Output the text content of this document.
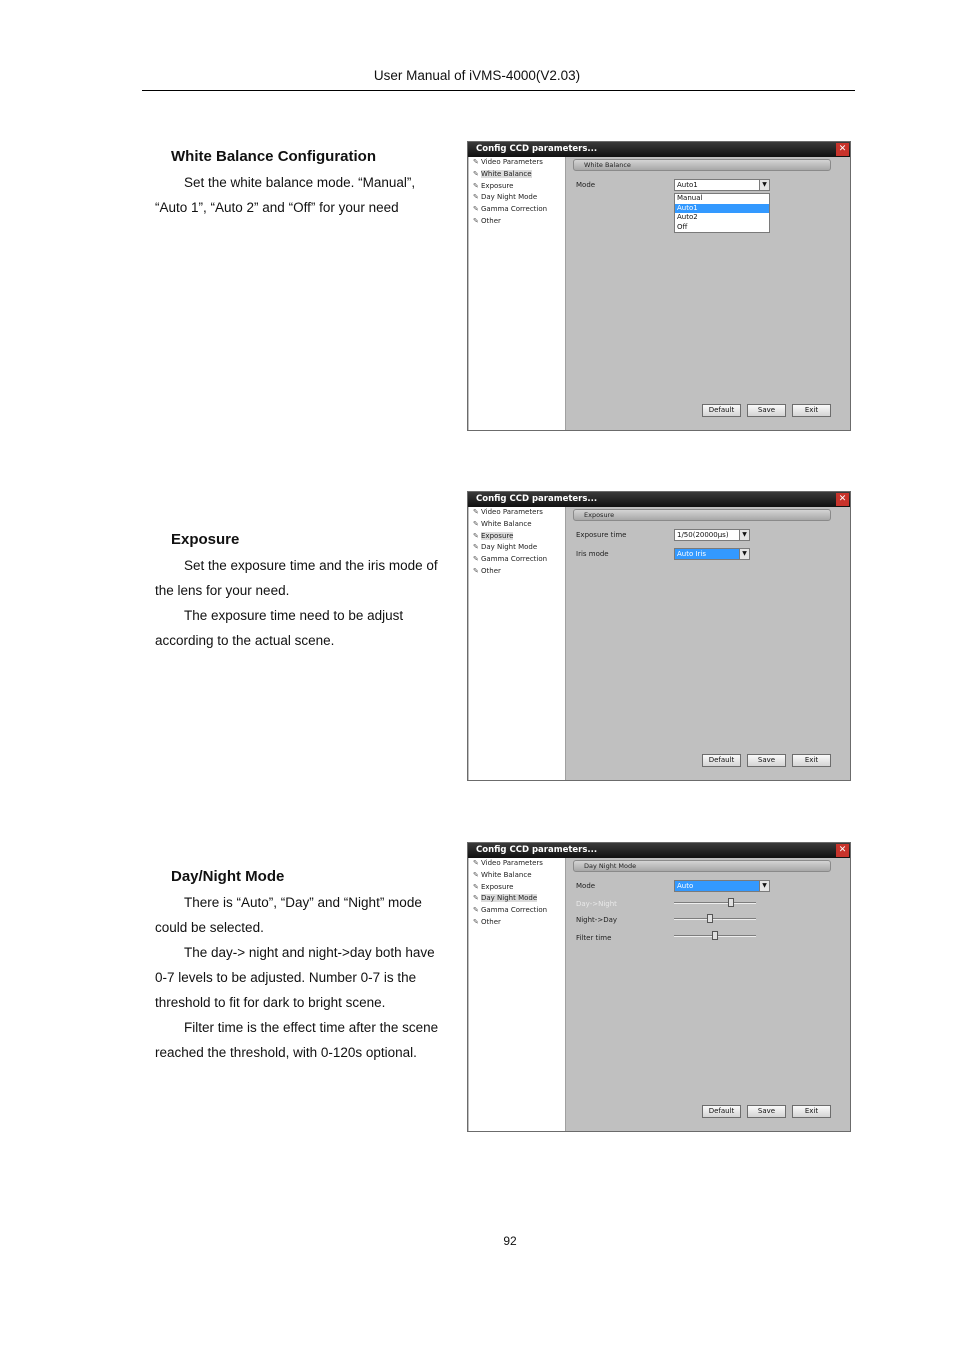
User Manual of iVMS-4000(V2.03)
White Balance Configuration

Set the white balance mode. “Manual”, “Auto 1”, “Auto 2” and “Off” for your need

Exposure

Set the exposure time and the iris mode of the lens for your need.

The exposure time need to be adjust according to the actual scene.

Day/Night Mode

There is “Auto”, “Day” and “Night” mode could be selected.

The day-> night and night->day both have 0-7 levels to be adjusted. Number 0-7 is the threshold to fit for dark to bright scene.

Filter time is the effect time after the scene reached the threshold, with 0-120s optional.

Config CCD parameters...	✕
✎ Video Parameters
✎ White Balance
✎ Exposure
✎ Day Night Mode
✎ Gamma Correction
✎ Other
White Balance
Mode	Auto1	▼
Manual
Auto1
Auto2
Off
Default	Save	Exit
Config CCD parameters...	✕
✎ Video Parameters
✎ White Balance
✎ Exposure
✎ Day Night Mode
✎ Gamma Correction
✎ Other
Exposure
Exposure time	1/50(20000μs)	▼
Iris mode	Auto Iris	▼
Default	Save	Exit
Config CCD parameters...	✕
✎ Video Parameters
✎ White Balance
✎ Exposure
✎ Day Night Mode
✎ Gamma Correction
✎ Other
Day Night Mode
Mode	Auto	▼
Day->Night
Night->Day
Filter time
Default	Save	Exit
92
